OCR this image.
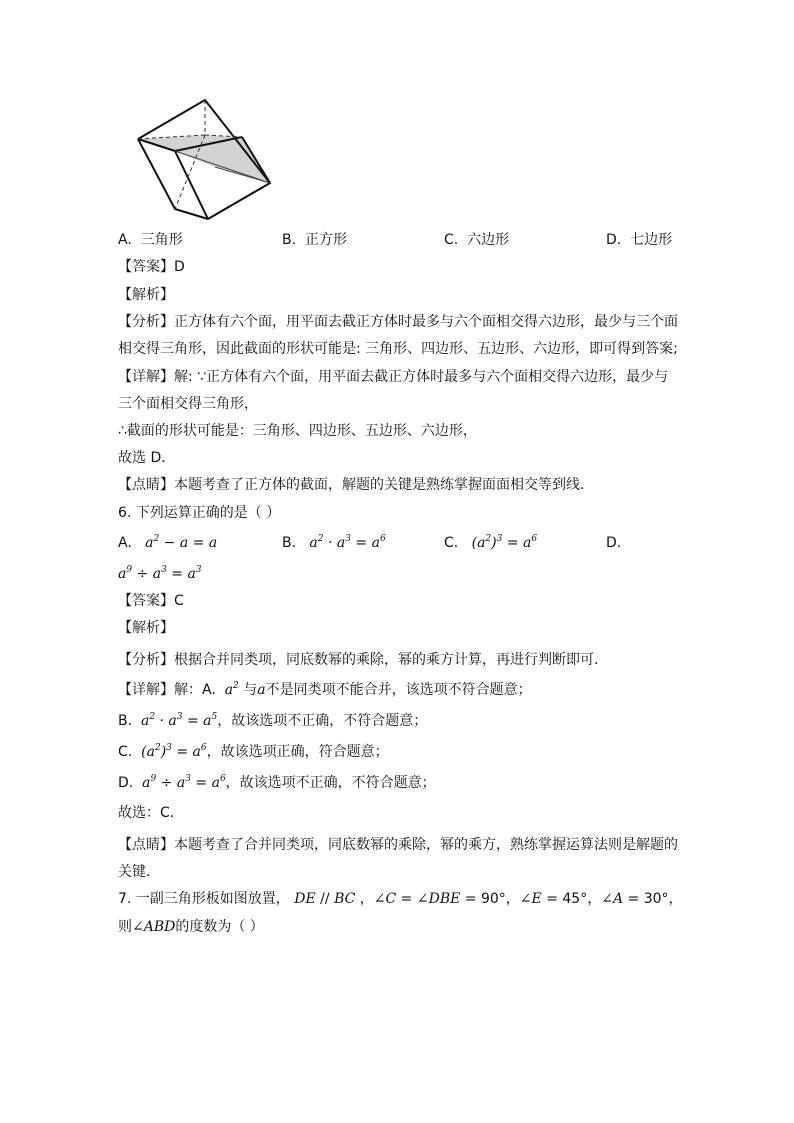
A. 三角形	B. 正方形	C. 六边形	D. 七边形
【答案】D
【解析】
【分析】正方体有六个面，用平面去截正方体时最多与六个面相交得六边形，最少与三个面
相交得三角形，因此截面的形状可能是: 三角形、四边形、五边形、六边形，即可得到答案;
【详解】解: ∵正方体有六个面，用平面去截正方体时最多与六个面相交得六边形，最少与
三个面相交得三角形，
∴截面的形状可能是：三角形、四边形、五边形、六边形，
故选 D．
【点睛】本题考查了正方体的截面，解题的关键是熟练掌握面面相交等到线．
6. 下列运算正确的是（ ）
A. $a^2 - a = a$	B. $a^2 \cdot a^3 = a^6$	C. $(a^2)^3 = a^6$	D.
$a^9 \div a^3 = a^3$
【答案】C
【解析】
【分析】根据合并同类项，同底数幂的乘除，幂的乘方计算，再进行判断即可．
【详解】解：A. $a^2$ 与a不是同类项不能合并，该选项不符合题意；
B. $a^2 \cdot a^3 = a^5$，故该选项不正确，不符合题意；
C. $(a^2)^3 = a^6$，故该选项正确，符合题意；
D. $a^9 \div a^3 = a^6$，故该选项不正确，不符合题意；
故选：C．
【点睛】本题考查了合并同类项，同底数幂的乘除，幂的乘方，熟练掌握运算法则是解题的
关键．
7. 一副三角形板如图放置， DE // BC ，∠C = ∠DBE = 90°，∠E = 45°，∠A = 30°，
则∠ABD的度数为（ ）
